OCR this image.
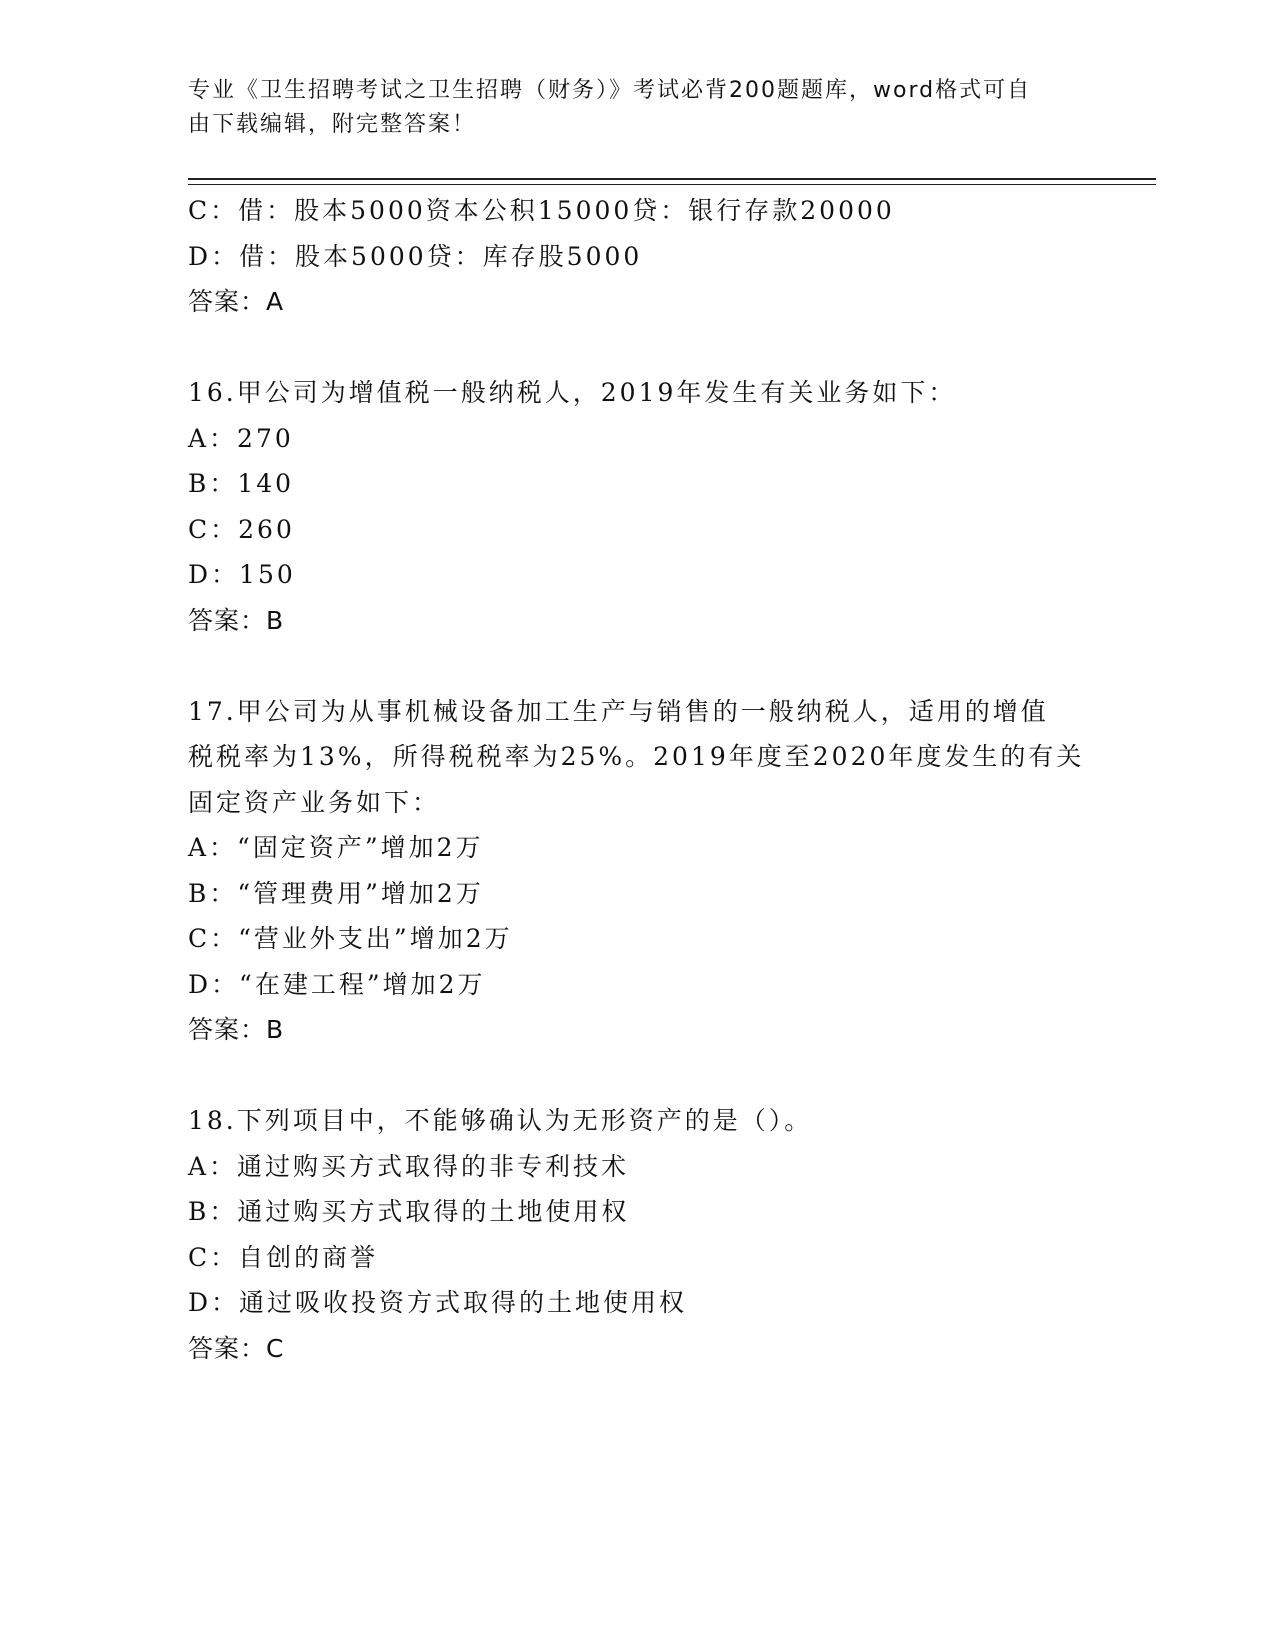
专业《卫生招聘考试之卫生招聘（财务）》考试必背200题题库，word格式可自
由下载编辑，附完整答案！

C：借：股本5000资本公积15000贷：银行存款20000

D：借：股本5000贷：库存股5000

答案：A

16.甲公司为增值税一般纳税人，2019年发生有关业务如下：

A：270

B：140

C：260

D：150

答案：B

17.甲公司为从事机械设备加工生产与销售的一般纳税人，适用的增值

税税率为13%，所得税税率为25%。2019年度至2020年度发生的有关

固定资产业务如下：

A：“固定资产”增加2万

B：“管理费用”增加2万

C：“营业外支出”增加2万

D：“在建工程”增加2万

答案：B

18.下列项目中，不能够确认为无形资产的是（）。

A：通过购买方式取得的非专利技术

B：通过购买方式取得的土地使用权

C：自创的商誉

D：通过吸收投资方式取得的土地使用权

答案：C
